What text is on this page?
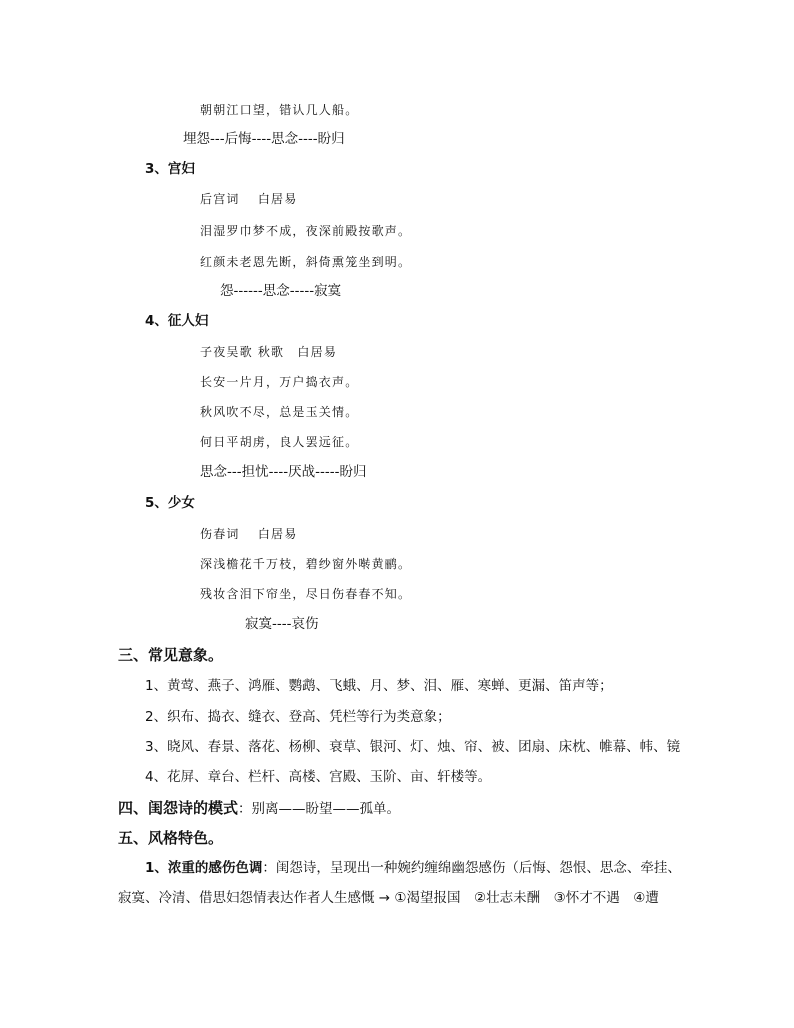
朝朝江口望，错认几人船。
埋怨---后悔----思念----盼归
3、宫妇
后宫词　 白居易
泪湿罗巾梦不成，夜深前殿按歌声。
红颜未老恩先断，斜倚熏笼坐到明。
怨------思念-----寂寞
4、征人妇
子夜吴歌 秋歌　白居易
长安一片月，万户捣衣声。
秋风吹不尽，总是玉关情。
何日平胡虏，良人罢远征。
思念---担忧----厌战-----盼归
5、少女
伤春词　 白居易
深浅檐花千万枝，碧纱窗外啭黄鹂。
残妆含泪下帘坐，尽日伤春春不知。
寂寞----哀伤
三、常见意象。
1、黄莺、燕子、鸿雁、鹦鹉、飞蛾、月、梦、泪、雁、寒蝉、更漏、笛声等；
2、织布、捣衣、缝衣、登高、凭栏等行为类意象；
3、晓风、春景、落花、杨柳、衰草、银河、灯、烛、帘、被、团扇、床枕、帷幕、帏、镜
4、花屏、章台、栏杆、高楼、宫殿、玉阶、亩、轩楼等。
四、闺怨诗的模式：别离——盼望——孤单。
五、风格特色。
1、浓重的感伤色调：闺怨诗，呈现出一种婉约缠绵幽怨感伤（后悔、怨恨、思念、牵挂、
寂寞、冷清、借思妇怨情表达作者人生感慨 → ①渴望报国　②壮志未酬　③怀才不遇　④遭
